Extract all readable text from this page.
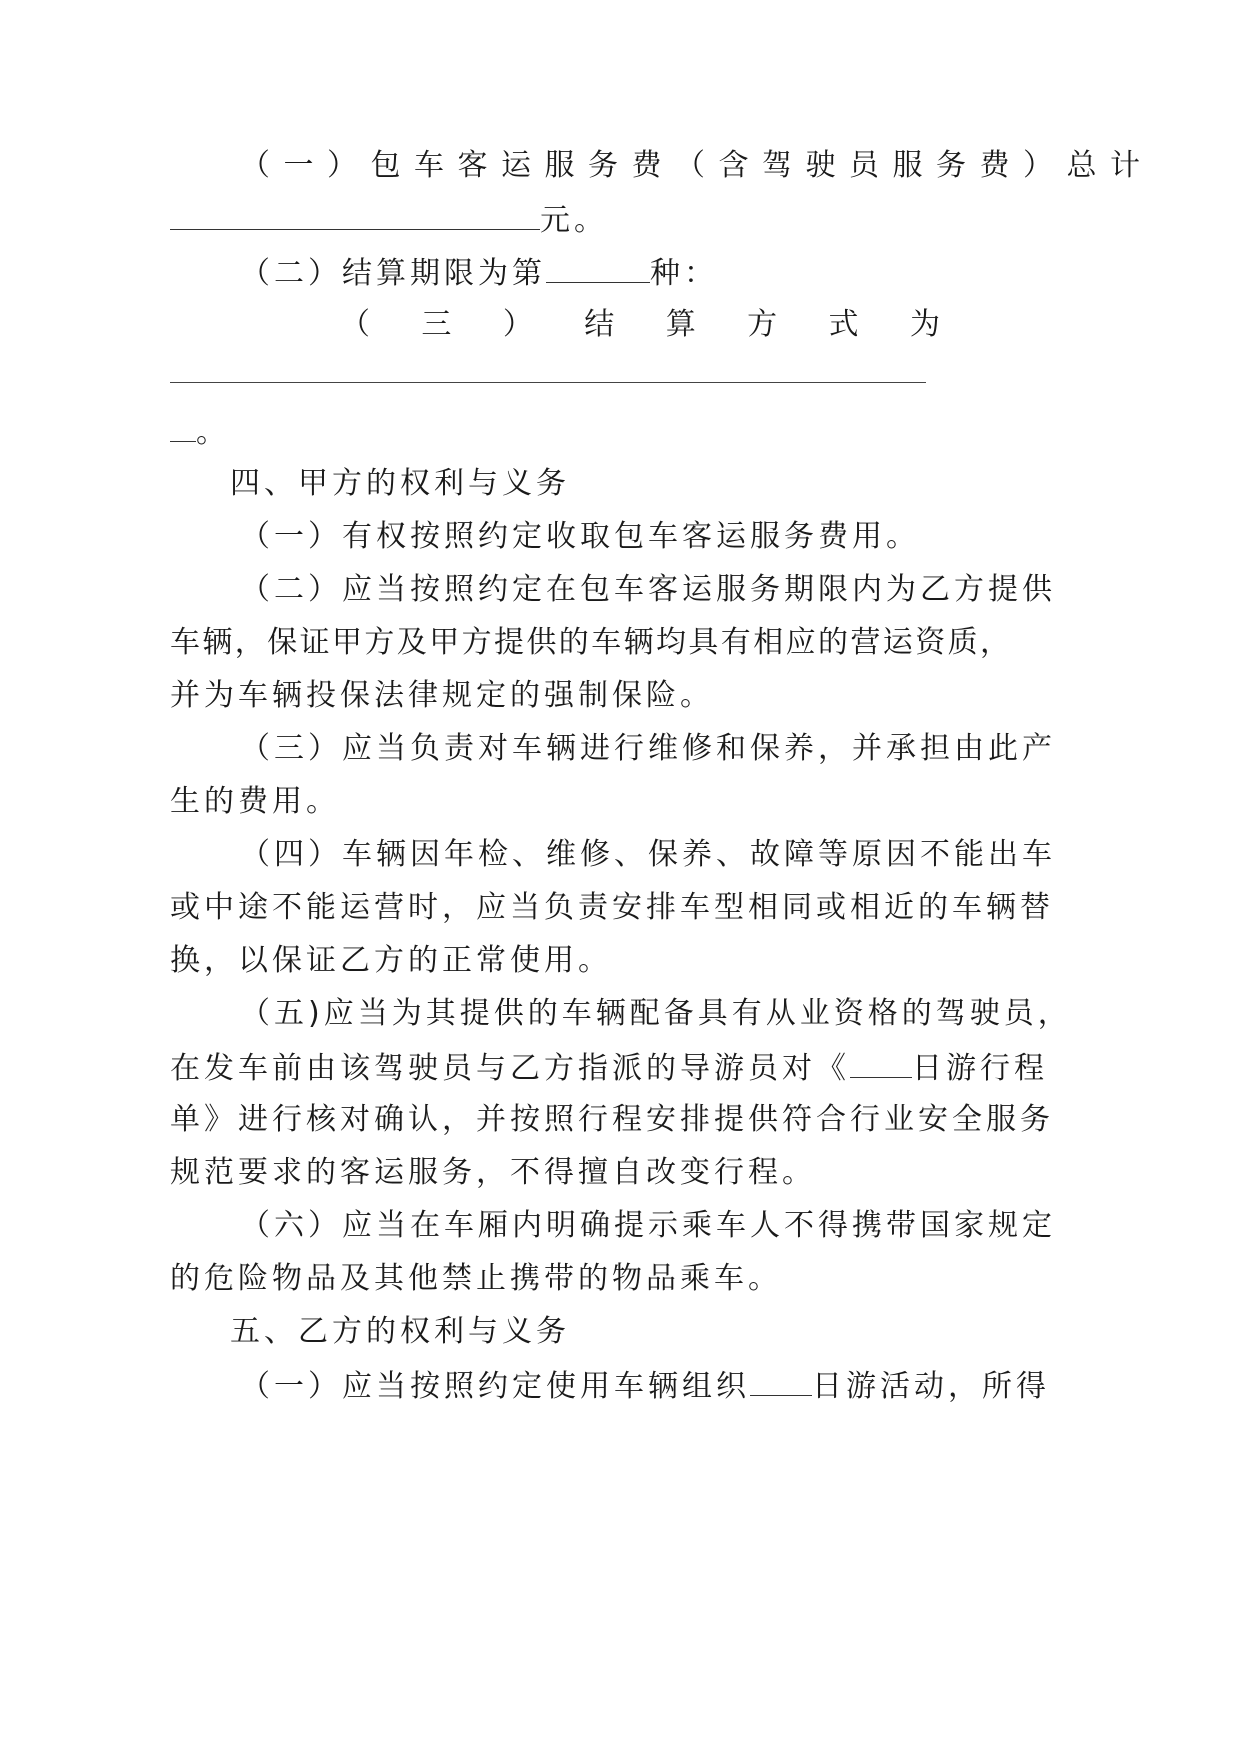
（一）包车客运服务费（含驾驶员服务费）总计
元。
（二）结算期限为第	种：
（ 三 ） 结 算 方 式 为
。
四、甲方的权利与义务
（一）有权按照约定收取包车客运服务费用。
（二）应当按照约定在包车客运服务期限内为乙方提供
车辆，保证甲方及甲方提供的车辆均具有相应的营运资质，
并为车辆投保法律规定的强制保险。
（三）应当负责对车辆进行维修和保养，并承担由此产
生的费用。
（四）车辆因年检、维修、保养、故障等原因不能出车
或中途不能运营时，应当负责安排车型相同或相近的车辆替
换，以保证乙方的正常使用。
（五)应当为其提供的车辆配备具有从业资格的驾驶员，
在发车前由该驾驶员与乙方指派的导游员对《 日游行程
单》进行核对确认，并按照行程安排提供符合行业安全服务
规范要求的客运服务，不得擅自改变行程。
（六）应当在车厢内明确提示乘车人不得携带国家规定
的危险物品及其他禁止携带的物品乘车。
五、乙方的权利与义务
（一）应当按照约定使用车辆组织 日游活动，所得
